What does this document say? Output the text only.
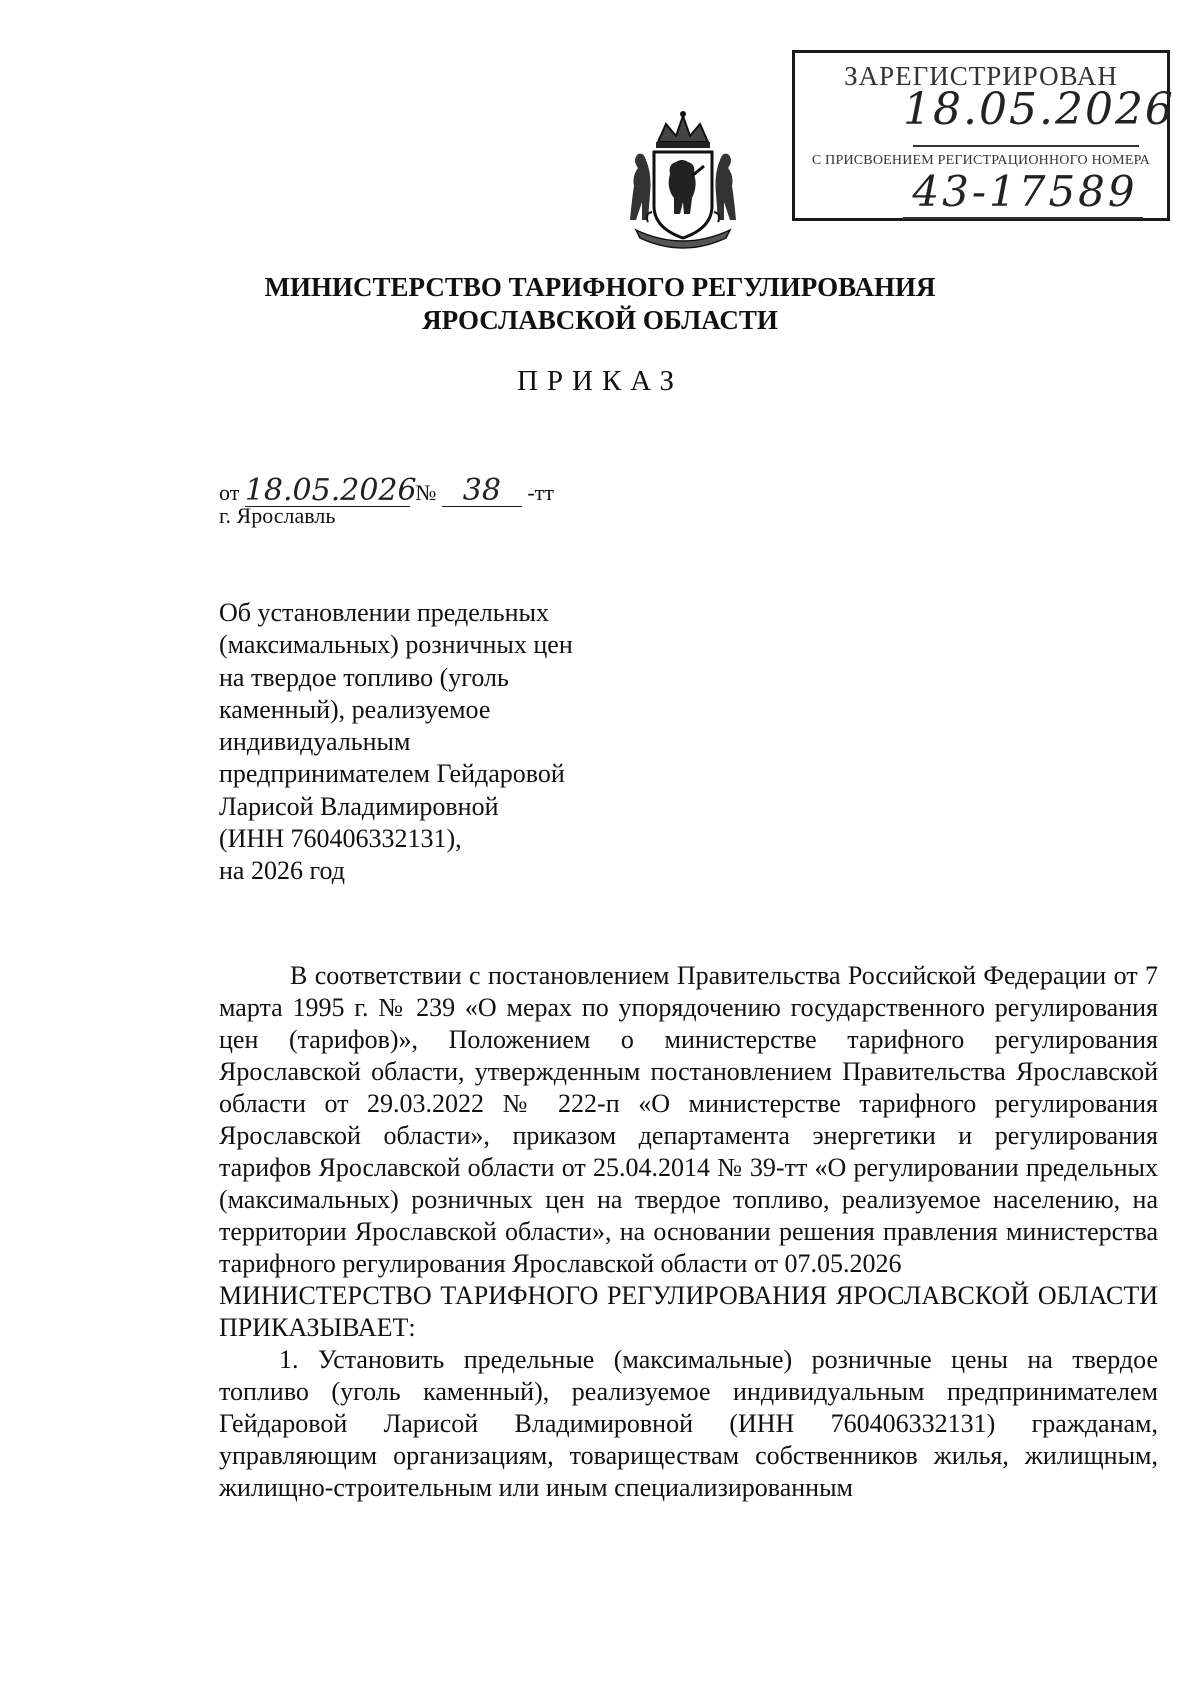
ЗАРЕГИСТРИРОВАН
18.05.2026
С ПРИСВОЕНИЕМ РЕГИСТРАЦИОННОГО НОМЕРА
43-17589
МИНИСТЕРСТВО ТАРИФНОГО РЕГУЛИРОВАНИЯ
ЯРОСЛАВСКОЙ ОБЛАСТИ
ПРИКАЗ
от 18.05.2026 № 38 -тт
г. Ярославль
Об установлении предельных
(максимальных) розничных цен
на твердое топливо (уголь
каменный), реализуемое
индивидуальным
предпринимателем Гейдаровой
Ларисой Владимировной
(ИНН 760406332131),
на 2026 год

В соответствии с постановлением Правительства Российской Федерации от 7 марта 1995 г. № 239 «О мерах по упорядочению государственного регулирования цен (тарифов)», Положением о министерстве тарифного регулирования Ярославской области, утвержденным постановлением Правительства Ярославской области от 29.03.2022 № 222-п «О министерстве тарифного регулирования Ярославской области», приказом департамента энергетики и регулирования тарифов Ярославской области от 25.04.2014 № 39-тт «О регулировании предельных (максимальных) розничных цен на твердое топливо, реализуемое населению, на территории Ярославской области», на основании решения правления министерства тарифного регулирования Ярославской области от 07.05.2026

МИНИСТЕРСТВО ТАРИФНОГО РЕГУЛИРОВАНИЯ ЯРОСЛАВСКОЙ ОБЛАСТИ ПРИКАЗЫВАЕТ:

1. Установить предельные (максимальные) розничные цены на твердое топливо (уголь каменный), реализуемое индивидуальным предпринимателем Гейдаровой Ларисой Владимировной (ИНН 760406332131) гражданам, управляющим организациям, товариществам собственников жилья, жилищным, жилищно-строительным или иным специализированным
